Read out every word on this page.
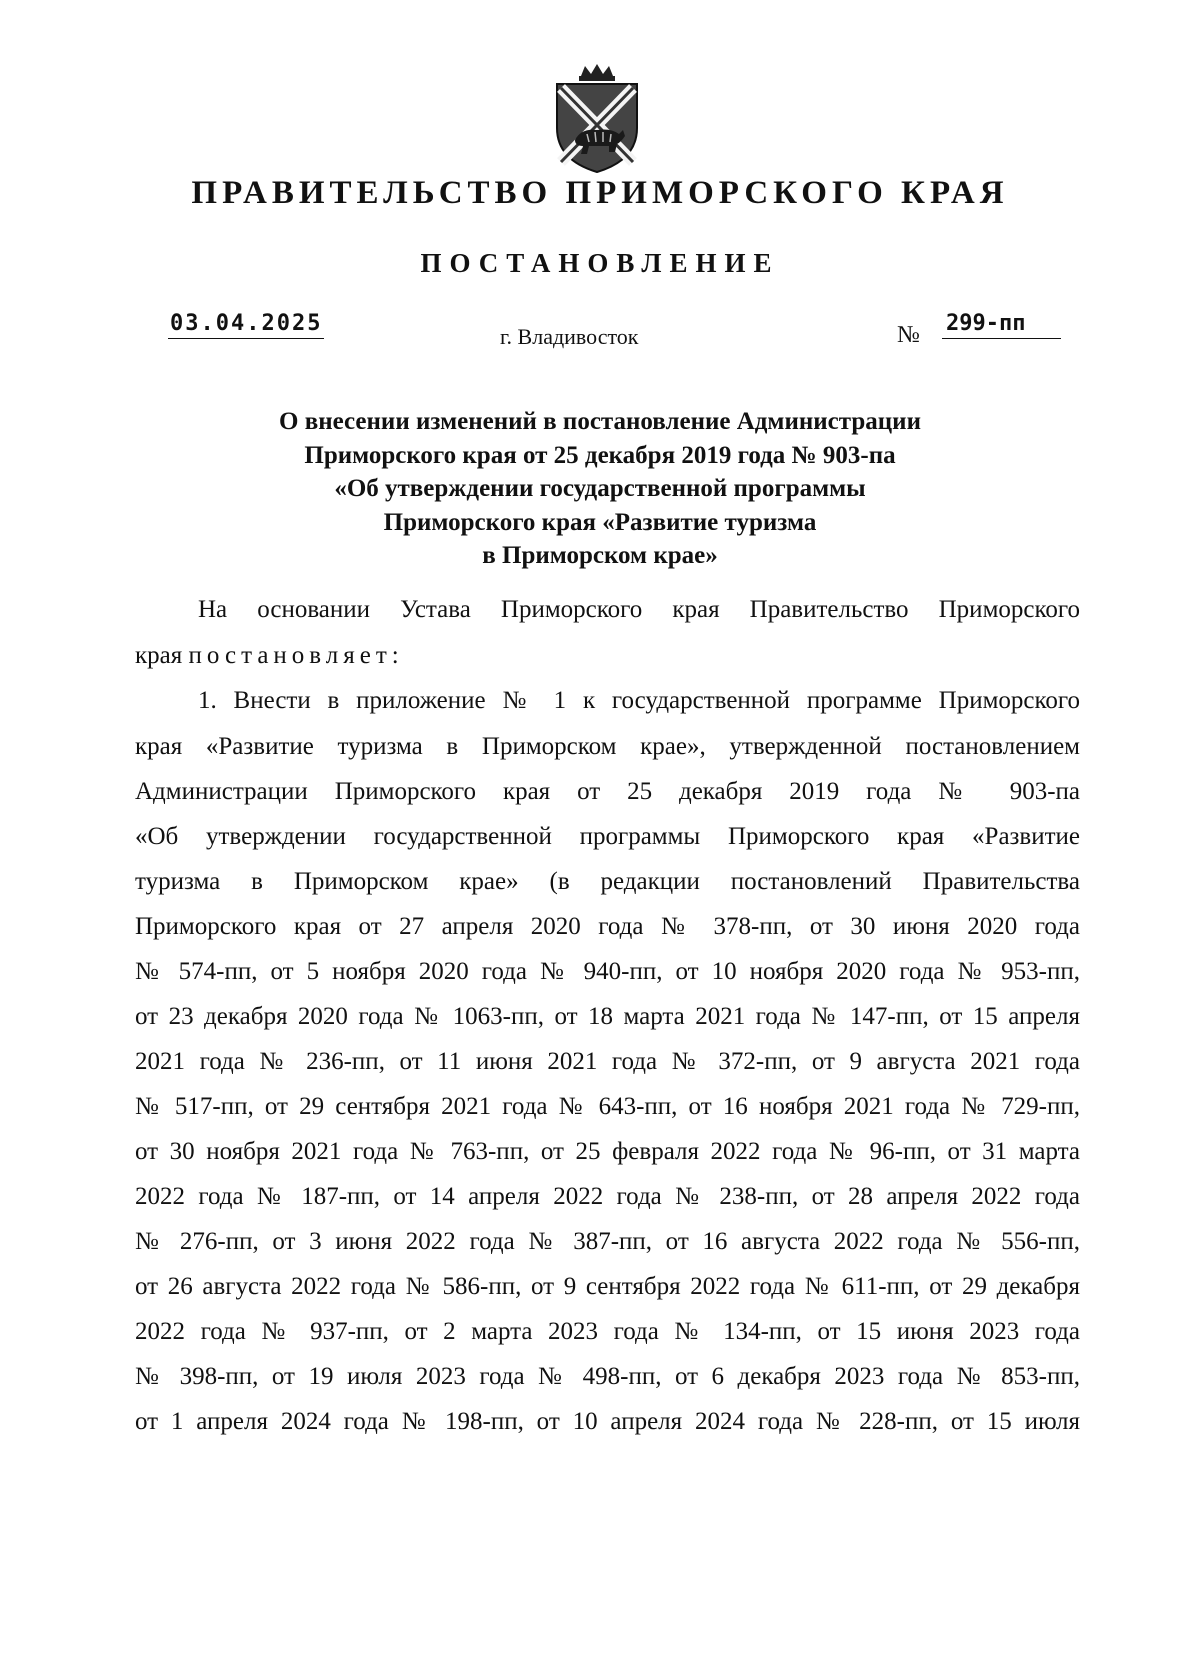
ПРАВИТЕЛЬСТВО ПРИМОРСКОГО КРАЯ
ПОСТАНОВЛЕНИЕ
03.04.2025
г. Владивосток	№ 299-пп
О внесении изменений в постановление Администрации
Приморского края от 25 декабря 2019 года № 903-па
«Об утверждении государственной программы
Приморского края «Развитие туризма
в Приморском крае»
На основании Устава Приморского края Правительство Приморского
края постановляет:
1. Внести в приложение № 1 к государственной программе Приморского
края «Развитие туризма в Приморском крае», утвержденной постановлением
Администрации Приморского края от 25 декабря 2019 года № 903-па
«Об утверждении государственной программы Приморского края «Развитие
туризма в Приморском крае» (в редакции постановлений Правительства
Приморского края от 27 апреля 2020 года № 378-пп, от 30 июня 2020 года
№ 574-пп, от 5 ноября 2020 года № 940-пп, от 10 ноября 2020 года № 953-пп,
от 23 декабря 2020 года № 1063-пп, от 18 марта 2021 года № 147-пп, от 15 апреля
2021 года № 236-пп, от 11 июня 2021 года № 372-пп, от 9 августа 2021 года
№ 517-пп, от 29 сентября 2021 года № 643-пп, от 16 ноября 2021 года № 729-пп,
от 30 ноября 2021 года № 763-пп, от 25 февраля 2022 года № 96-пп, от 31 марта
2022 года № 187-пп, от 14 апреля 2022 года № 238-пп, от 28 апреля 2022 года
№ 276-пп, от 3 июня 2022 года № 387-пп, от 16 августа 2022 года № 556-пп,
от 26 августа 2022 года № 586-пп, от 9 сентября 2022 года № 611-пп, от 29 декабря
2022 года № 937-пп, от 2 марта 2023 года № 134-пп, от 15 июня 2023 года
№ 398-пп, от 19 июля 2023 года № 498-пп, от 6 декабря 2023 года № 853-пп,
от 1 апреля 2024 года № 198-пп, от 10 апреля 2024 года № 228-пп, от 15 июля
